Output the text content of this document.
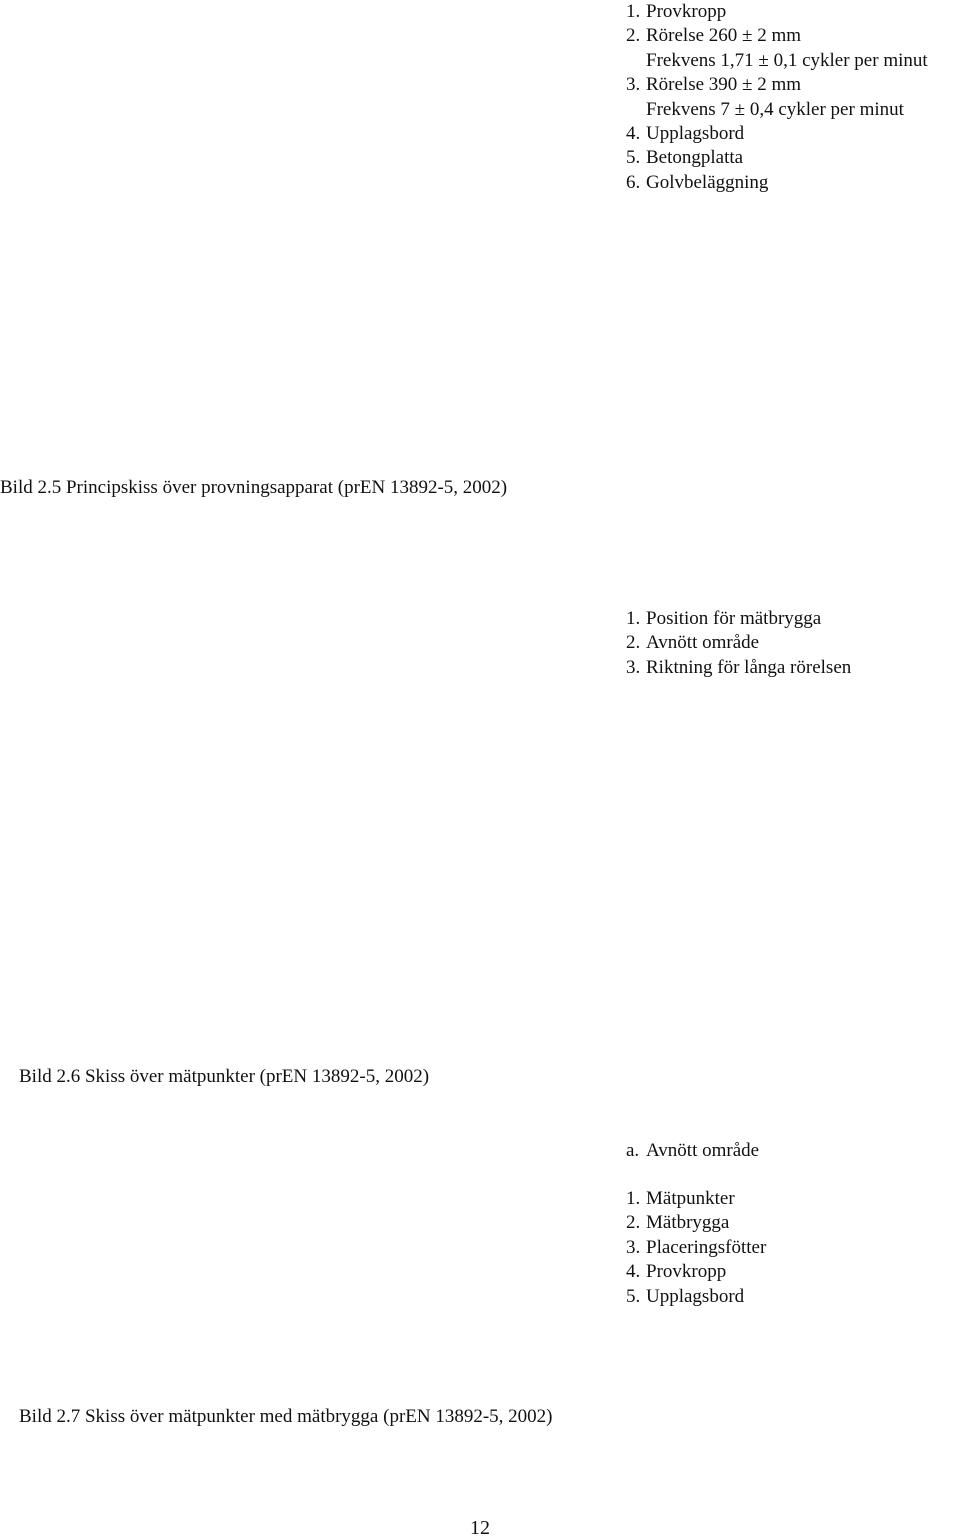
1. Provkropp
2. Rörelse 260 ± 2 mm
Frekvens 1,71 ± 0,1 cykler per minut
3. Rörelse 390 ± 2 mm
Frekvens 7 ± 0,4 cykler per minut
4. Upplagsbord
5. Betongplatta
6. Golvbeläggning

Bild 2.5 Principskiss över provningsapparat (prEN 13892-5, 2002)

1. Position för mätbrygga
2. Avnött område
3. Riktning för långa rörelsen

Bild 2.6 Skiss över mätpunkter (prEN 13892-5, 2002)

a. Avnött område
1. Mätpunkter
2. Mätbrygga
3. Placeringsfötter
4. Provkropp
5. Upplagsbord

Bild 2.7 Skiss över mätpunkter med mätbrygga (prEN 13892-5, 2002)

12
